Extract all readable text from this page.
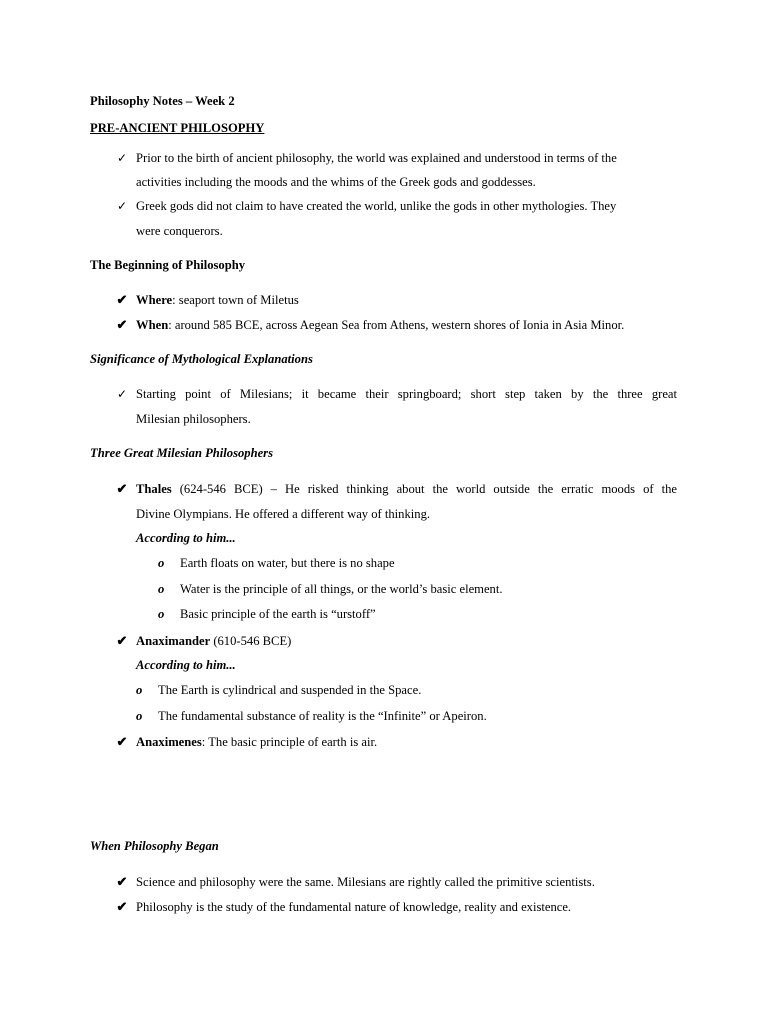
Philosophy Notes – Week 2
PRE-ANCIENT PHILOSOPHY
✓ Prior to the birth of ancient philosophy, the world was explained and understood in terms of the
activities including the moods and the whims of the Greek gods and goddesses.
✓ Greek gods did not claim to have created the world, unlike the gods in other mythologies. They
were conquerors.
The Beginning of Philosophy
✔ Where: seaport town of Miletus
✔ When: around 585 BCE, across Aegean Sea from Athens, western shores of Ionia in Asia Minor.
Significance of Mythological Explanations
✓ Starting point of Milesians; it became their springboard; short step taken by the three great
Milesian philosophers.
Three Great Milesian Philosophers
✔ Thales (624-546 BCE) – He risked thinking about the world outside the erratic moods of the
Divine Olympians. He offered a different way of thinking.
According to him...
o Earth floats on water, but there is no shape
o Water is the principle of all things, or the world’s basic element.
o Basic principle of the earth is “urstoff”
✔ Anaximander (610-546 BCE)
According to him...
o The Earth is cylindrical and suspended in the Space.
o The fundamental substance of reality is the “Infinite” or Apeiron.
✔ Anaximenes: The basic principle of earth is air.
When Philosophy Began
✔ Science and philosophy were the same. Milesians are rightly called the primitive scientists.
✔ Philosophy is the study of the fundamental nature of knowledge, reality and existence.
